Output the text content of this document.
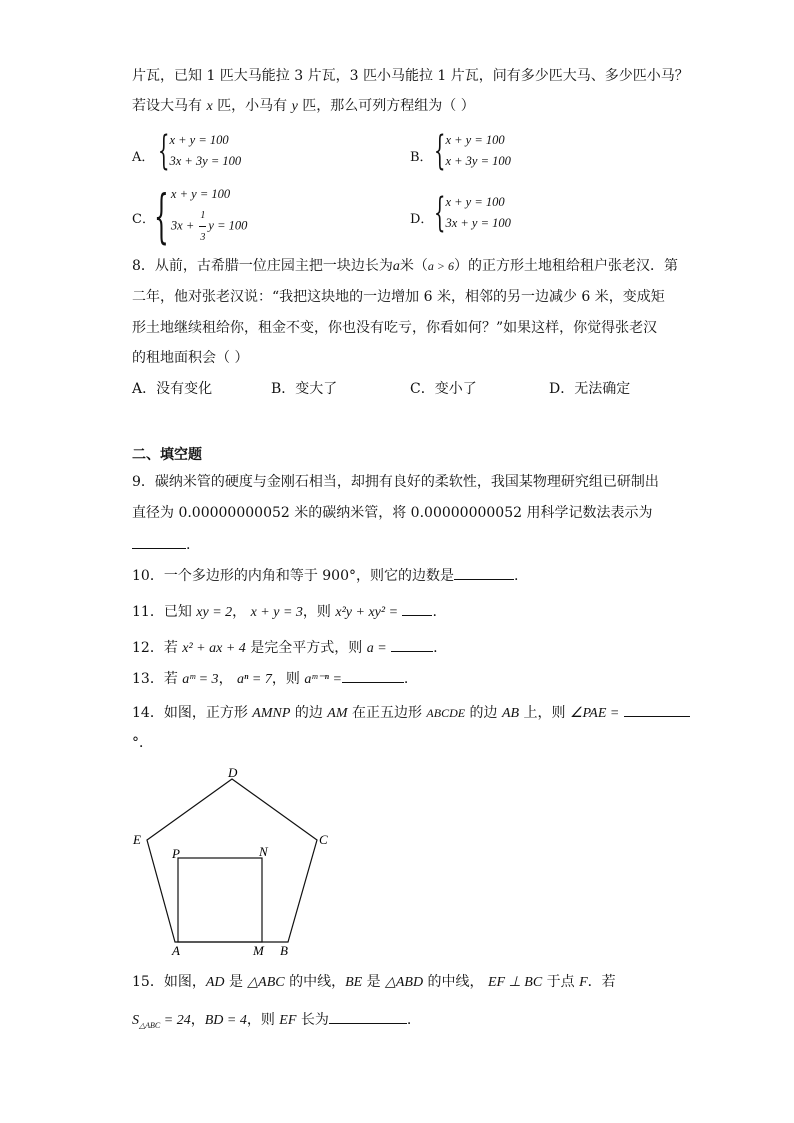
片瓦，已知 1 匹大马能拉 3 片瓦，3 匹小马能拉 1 片瓦，问有多少匹大马、多少匹小马？
若设大马有 x 匹，小马有 y 匹，那么可列方程组为（ ）
A． { x + y = 100
3x + 3y = 100	B． { x + y = 100
x + 3y = 100
C． { x + y = 100
$3x + \frac{1}{3}$ y = 100	D． { x + y = 100
3x + y = 100
8．从前，古希腊一位庄园主把一块边长为a米（a > 6）的正方形土地租给租户张老汉．第
二年，他对张老汉说：“我把这块地的一边增加 6 米，相邻的另一边减少 6 米，变成矩
形土地继续租给你，租金不变，你也没有吃亏，你看如何？”如果这样，你觉得张老汉
的租地面积会（ ）
A．没有变化	B．变大了	C．变小了	D．无法确定
二、填空题
9．碳纳米管的硬度与金刚石相当，却拥有良好的柔软性，我国某物理研究组已研制出
直径为 0.00000000052 米的碳纳米管，将 0.00000000052 用科学记数法表示为
.
10．一个多边形的内角和等于 900°，则它的边数是	.
11．已知 xy = 2， x + y = 3，则 x²y + xy² = .
12．若 x² + ax + 4 是完全平方式，则 a =	.
13．若 aᵐ = 3， aⁿ = 7，则 aᵐ⁻ⁿ =	.
14．如图，正方形 AMNP 的边 AM 在正五边形 ABCDE 的边 AB 上，则 ∠PAE =
°．
D
E	C
P	N
A	M B
15．如图，AD 是 △ABC 的中线，BE 是 △ABD 的中线， EF ⊥ BC 于点 F．若
$S_{\triangle ABC} = 24$，BD = 4，则 EF 长为	.
